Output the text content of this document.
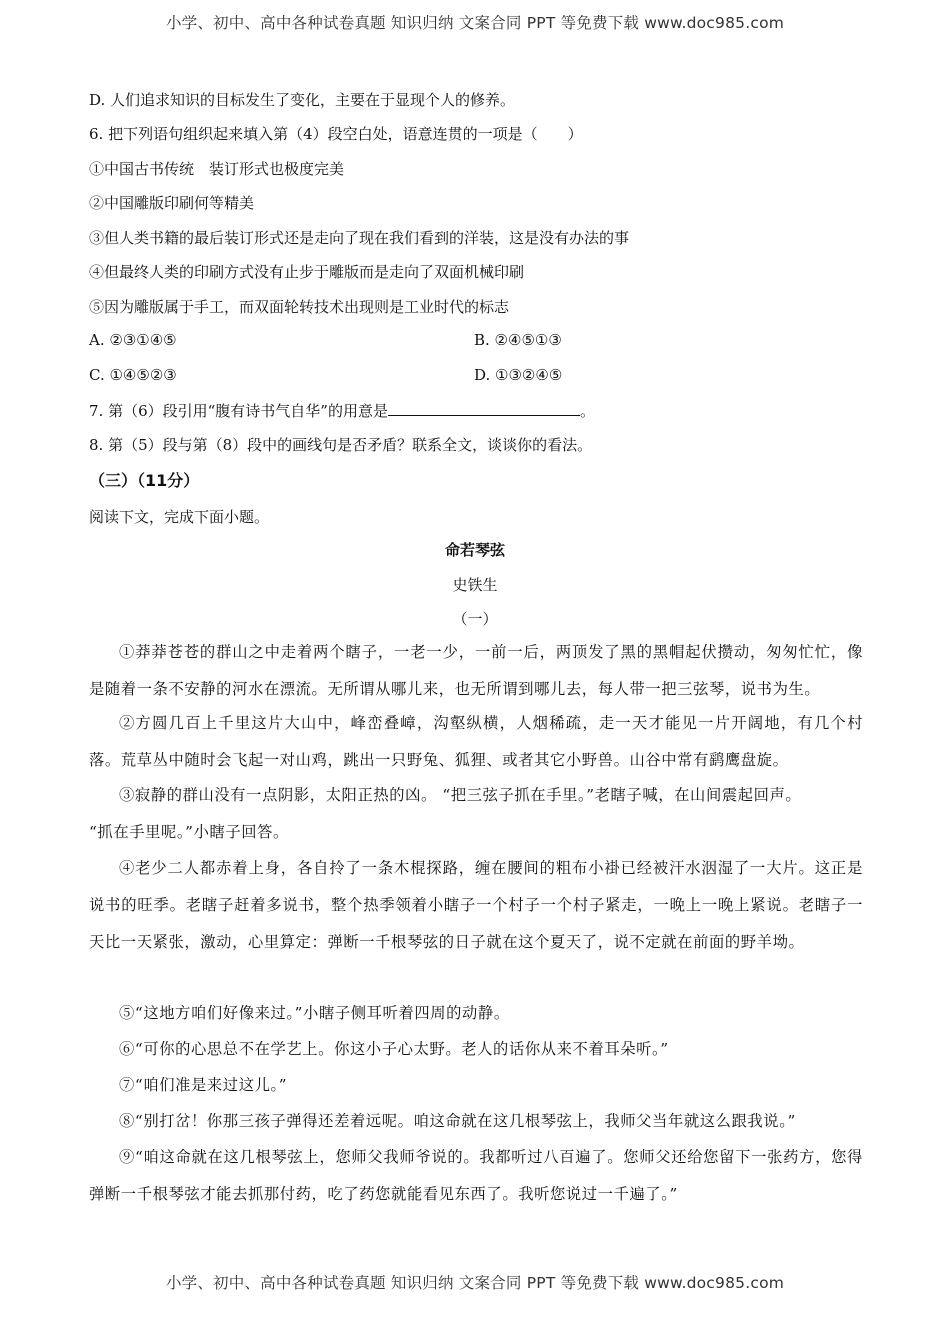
小学、初中、高中各种试卷真题 知识归纳 文案合同 PPT 等免费下载 www.doc985.com
D. 人们追求知识的目标发生了变化，主要在于显现个人的修养。
6. 把下列语句组织起来填入第（4）段空白处，语意连贯的一项是（　　）
①中国古书传统　装订形式也极度完美
②中国雕版印刷何等精美
③但人类书籍的最后装订形式还是走向了现在我们看到的洋装，这是没有办法的事
④但最终人类的印刷方式没有止步于雕版而是走向了双面机械印刷
⑤因为雕版属于手工，而双面轮转技术出现则是工业时代的标志
A. ②③①④⑤	B. ②④⑤①③
C. ①④⑤②③	D. ①③②④⑤
7. 第（6）段引用“腹有诗书气自华”的用意是	。
8. 第（5）段与第（8）段中的画线句是否矛盾？联系全文，谈谈你的看法。
（三）（11分）
阅读下文，完成下面小题。
命若琴弦
史铁生
（一）
①莽莽苍苍的群山之中走着两个瞎子，一老一少，一前一后，两顶发了黑的黑帽起伏攒动，匆匆忙忙，像是随着一条不安静的河水在漂流。无所谓从哪儿来，也无所谓到哪儿去，每人带一把三弦琴，说书为生。
②方圆几百上千里这片大山中，峰峦叠嶂，沟壑纵横，人烟稀疏，走一天才能见一片开阔地，有几个村落。荒草丛中随时会飞起一对山鸡，跳出一只野兔、狐狸、或者其它小野兽。山谷中常有鹞鹰盘旋。
③寂静的群山没有一点阴影，太阳正热的凶。 “把三弦子抓在手里。”老瞎子喊，在山间震起回声。
“抓在手里呢。”小瞎子回答。
④老少二人都赤着上身，各自拎了一条木棍探路，缠在腰间的粗布小褂已经被汗水洇湿了一大片。这正是说书的旺季。老瞎子赶着多说书，整个热季领着小瞎子一个村子一个村子紧走，一晚上一晚上紧说。老瞎子一天比一天紧张，激动，心里算定：弹断一千根琴弦的日子就在这个夏天了，说不定就在前面的野羊坳。
⑤“这地方咱们好像来过。”小瞎子侧耳听着四周的动静。
⑥“可你的心思总不在学艺上。你这小子心太野。老人的话你从来不着耳朵听。”
⑦“咱们准是来过这儿。”
⑧“别打岔！你那三孩子弹得还差着远呢。咱这命就在这几根琴弦上，我师父当年就这么跟我说。”
⑨“咱这命就在这几根琴弦上，您师父我师爷说的。我都听过八百遍了。您师父还给您留下一张药方，您得弹断一千根琴弦才能去抓那付药，吃了药您就能看见东西了。我听您说过一千遍了。”
小学、初中、高中各种试卷真题 知识归纳 文案合同 PPT 等免费下载 www.doc985.com
